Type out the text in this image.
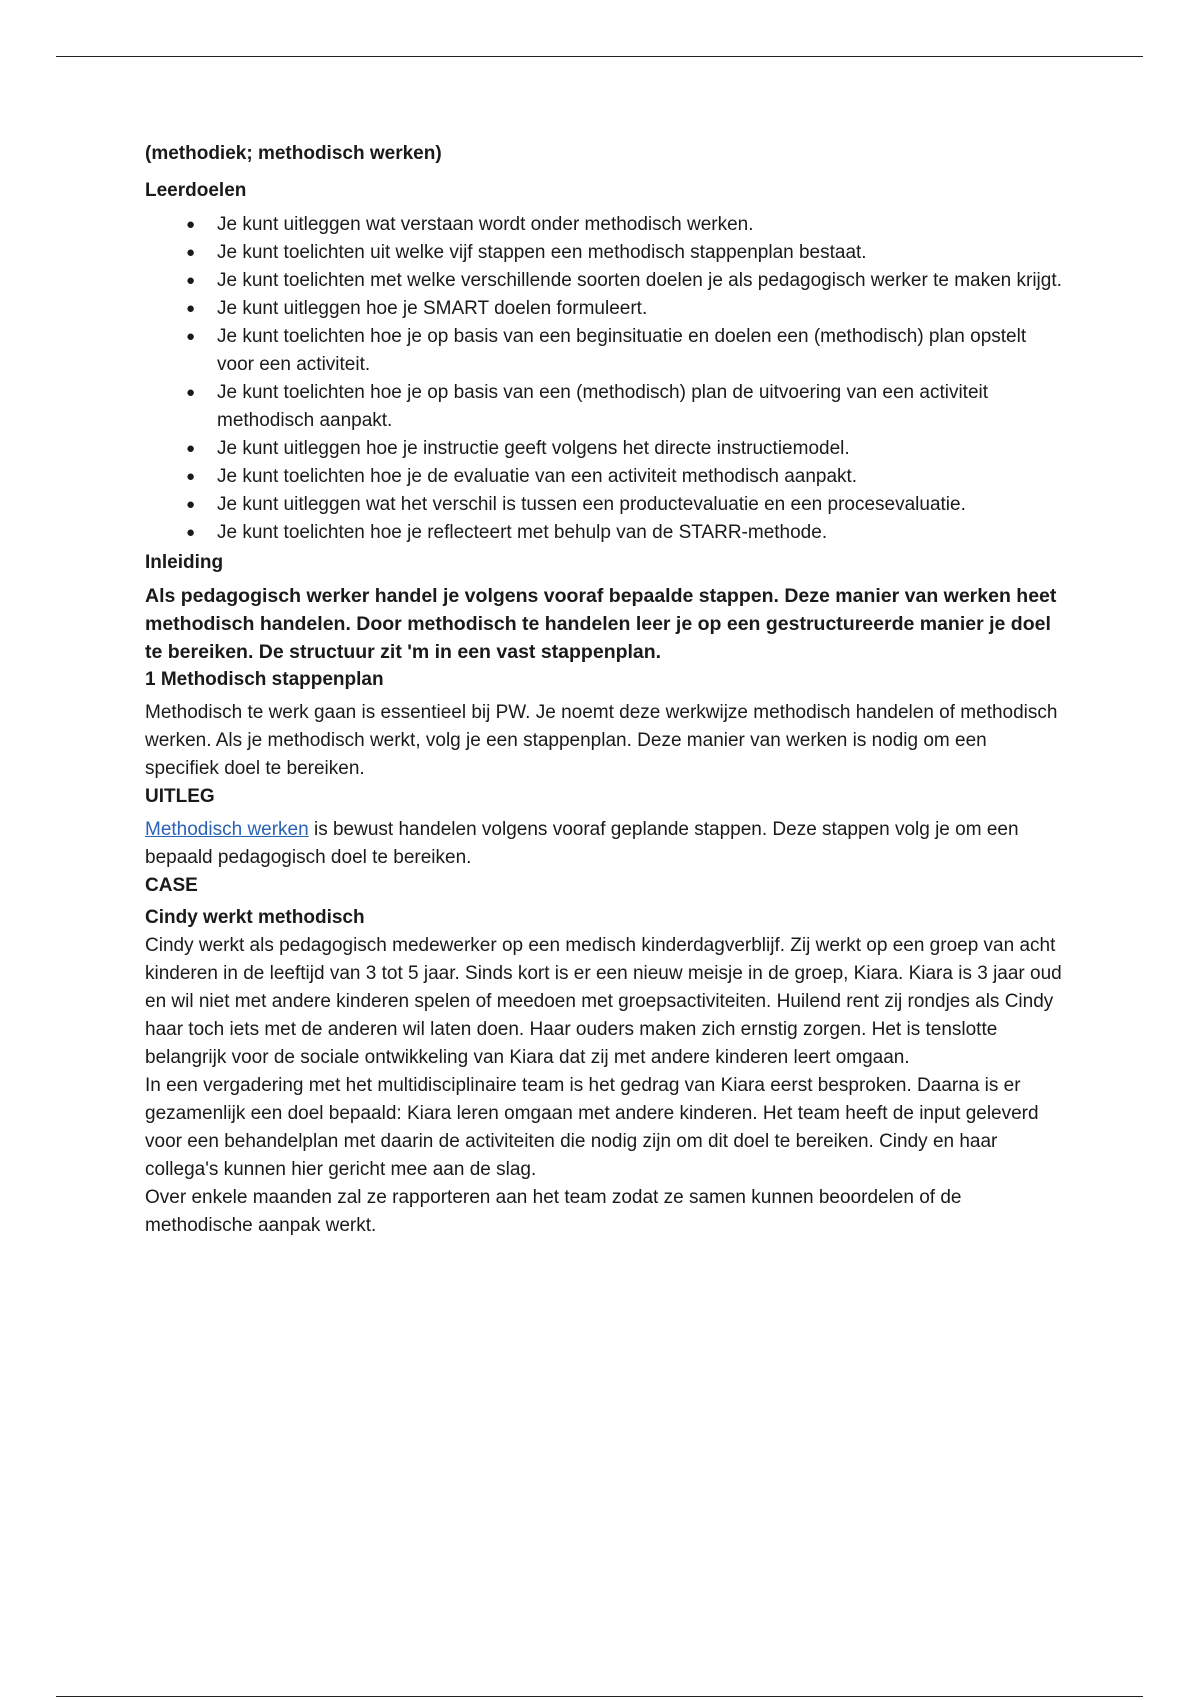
(methodiek; methodisch werken)
Leerdoelen
● Je kunt uitleggen wat verstaan wordt onder methodisch werken.
● Je kunt toelichten uit welke vijf stappen een methodisch stappenplan bestaat.
● Je kunt toelichten met welke verschillende soorten doelen je als pedagogisch werker te maken krijgt.
● Je kunt uitleggen hoe je SMART doelen formuleert.
● Je kunt toelichten hoe je op basis van een beginsituatie en doelen een (methodisch) plan opstelt voor een activiteit.
● Je kunt toelichten hoe je op basis van een (methodisch) plan de uitvoering van een activiteit methodisch aanpakt.
● Je kunt uitleggen hoe je instructie geeft volgens het directe instructiemodel.
● Je kunt toelichten hoe je de evaluatie van een activiteit methodisch aanpakt.
● Je kunt uitleggen wat het verschil is tussen een productevaluatie en een procesevaluatie.
● Je kunt toelichten hoe je reflecteert met behulp van de STARR-methode.
Inleiding

Als pedagogisch werker handel je volgens vooraf bepaalde stappen. Deze manier van werken heet methodisch handelen. Door methodisch te handelen leer je op een gestructureerde manier je doel te bereiken. De structuur zit 'm in een vast stappenplan.

1 Methodisch stappenplan

Methodisch te werk gaan is essentieel bij PW. Je noemt deze werkwijze methodisch handelen of methodisch werken. Als je methodisch werkt, volg je een stappenplan. Deze manier van werken is nodig om een specifiek doel te bereiken.

UITLEG

Methodisch werken is bewust handelen volgens vooraf geplande stappen. Deze stappen volg je om een bepaald pedagogisch doel te bereiken.

CASE
Cindy werkt methodisch

Cindy werkt als pedagogisch medewerker op een medisch kinderdagverblijf. Zij werkt op een groep van acht kinderen in de leeftijd van 3 tot 5 jaar. Sinds kort is er een nieuw meisje in de groep, Kiara. Kiara is 3 jaar oud en wil niet met andere kinderen spelen of meedoen met groepsactiviteiten. Huilend rent zij rondjes als Cindy haar toch iets met de anderen wil laten doen. Haar ouders maken zich ernstig zorgen. Het is tenslotte belangrijk voor de sociale ontwikkeling van Kiara dat zij met andere kinderen leert omgaan.

In een vergadering met het multidisciplinaire team is het gedrag van Kiara eerst besproken. Daarna is er gezamenlijk een doel bepaald: Kiara leren omgaan met andere kinderen. Het team heeft de input geleverd voor een behandelplan met daarin de activiteiten die nodig zijn om dit doel te bereiken. Cindy en haar collega's kunnen hier gericht mee aan de slag.

Over enkele maanden zal ze rapporteren aan het team zodat ze samen kunnen beoordelen of de methodische aanpak werkt.
